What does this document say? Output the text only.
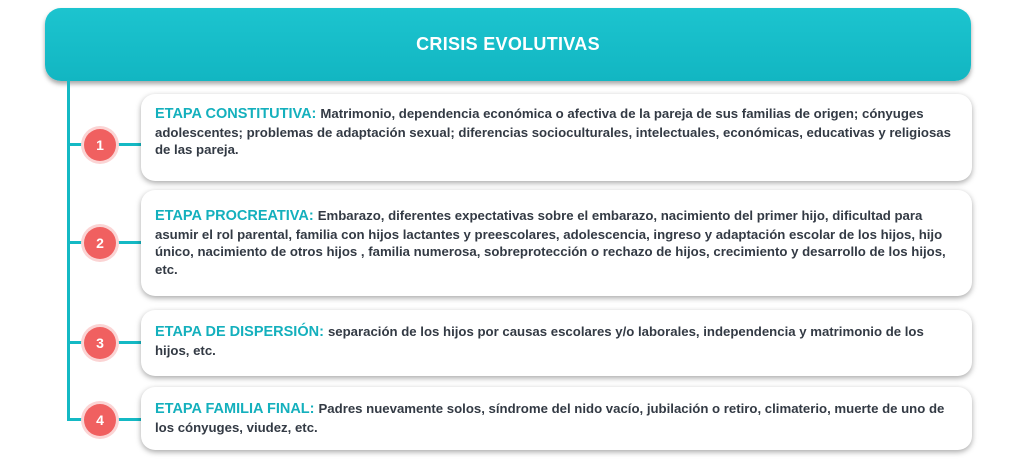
CRISIS EVOLUTIVAS
1
ETAPA CONSTITUTIVA: Matrimonio, dependencia económica o afectiva de la pareja de sus familias de origen; cónyuges adolescentes; problemas de adaptación sexual; diferencias socioculturales, intelectuales, económicas, educativas y religiosas de las pareja.
2
ETAPA PROCREATIVA: Embarazo, diferentes expectativas sobre el embarazo, nacimiento del primer hijo, dificultad para asumir el rol parental, familia con hijos lactantes y preescolares, adolescencia, ingreso y adaptación escolar de los hijos, hijo único, nacimiento de otros hijos , familia numerosa, sobreprotección o rechazo de hijos, crecimiento y desarrollo de los hijos, etc.
3
ETAPA DE DISPERSIÓN: separación de los hijos por causas escolares y/o laborales, independencia y matrimonio de los hijos, etc.
4
ETAPA FAMILIA FINAL: Padres nuevamente solos, síndrome del nido vacío, jubilación o retiro, climaterio, muerte de uno de los cónyuges, viudez, etc.
